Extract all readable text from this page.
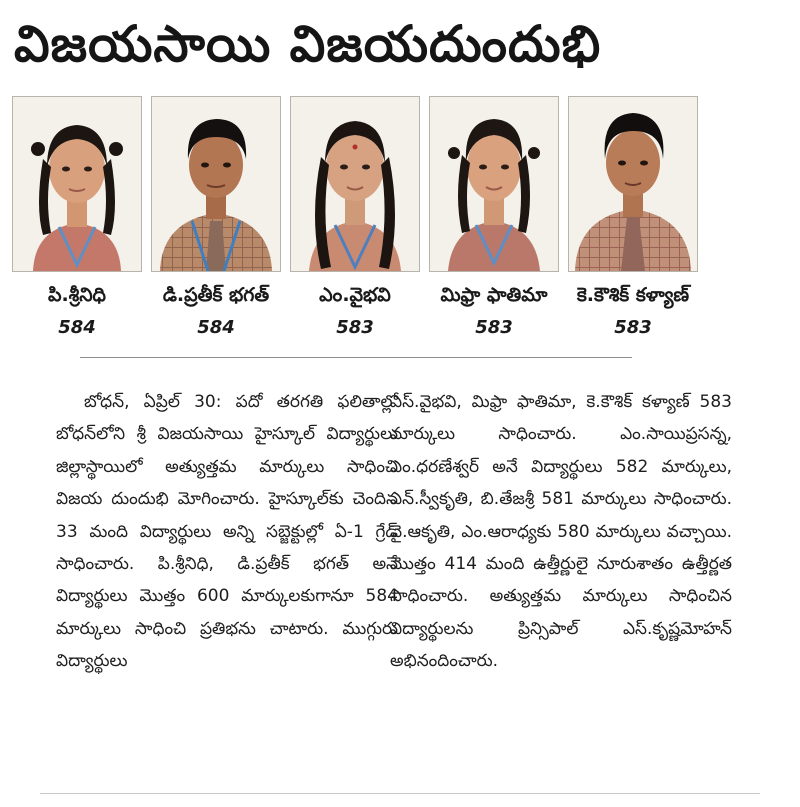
విజయసాయి విజయదుందుభి
పి.శ్రీనిధి
584
డి.ప్రతీక్ భగత్
584
ఎం.వైభవి
583
మిఫ్రా ఫాతిమా
583
కె.కౌశిక్ కళ్యాణ్
583

బోధన్, ఏప్రిల్ 30: పదో తరగతి ఫలితాల్లో బోధన్‌లోని శ్రీ విజయసాయి హైస్కూల్ విద్యార్థులు జిల్లాస్థాయిలో అత్యుత్తమ మార్కులు సాధించి విజయ దుందుభి మోగించారు. హైస్కూల్‌కు చెందిన 33 మంది విద్యార్థులు అన్ని సబ్జెక్టుల్లో ఏ-1 గ్రేడ్ సాధించారు. పి.శ్రీనిధి, డి.ప్రతీక్ భగత్ అనే విద్యార్థులు మొత్తం 600 మార్కులకుగానూ 584 మార్కులు సాధించి ప్రతిభను చాటారు. ముగ్గురు విద్యార్థులు

ఎస్.వైభవి, మిఫ్రా ఫాతిమా, కె.కౌశిక్ కళ్యాణ్ 583 మార్కులు సాధించారు. ఎం.సాయిప్రసన్న, ఎం.ధరణేశ్వర్ అనే విద్యార్థులు 582 మార్కులు, ఎన్.స్వీకృతి, బి.తేజశ్రీ 581 మార్కులు సాధించారు. వై.ఆకృతి, ఎం.ఆరాధ్యకు 580 మార్కులు వచ్చాయి. మొత్తం 414 మంది ఉత్తీర్ణులై నూరుశాతం ఉత్తీర్ణత సాధించారు. అత్యుత్తమ మార్కులు సాధించిన విద్యార్థులను ప్రిన్సిపాల్ ఎస్.కృష్ణమోహన్ అభినందించారు.
